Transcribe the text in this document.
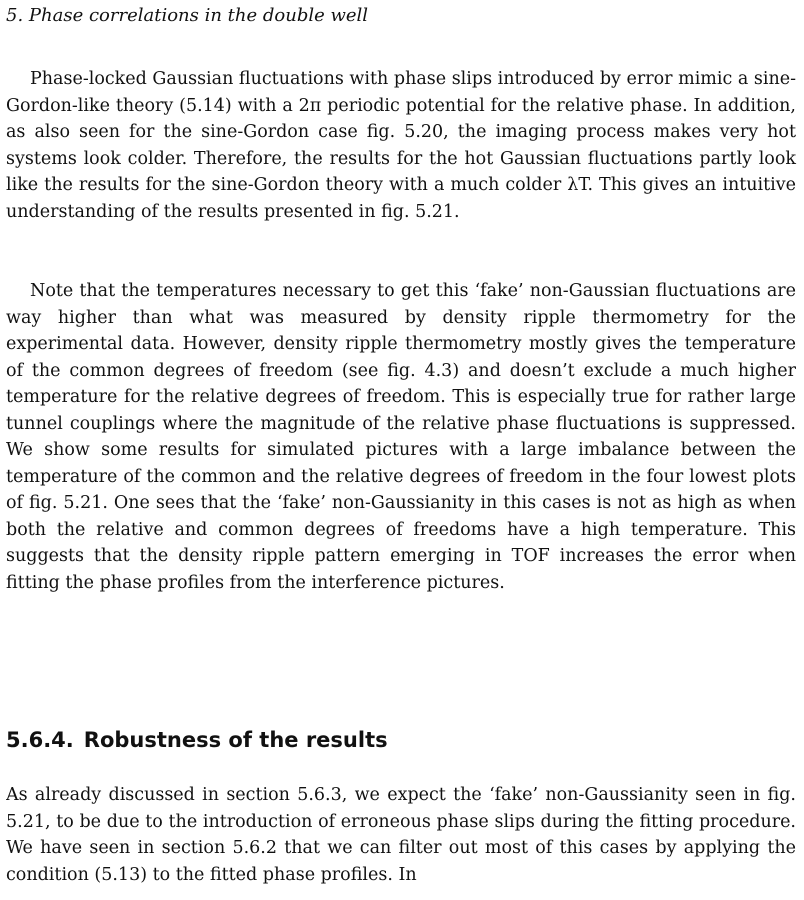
5. Phase correlations in the double well

Phase-locked Gaussian fluctuations with phase slips introduced by error mimic a sine-Gordon-like theory (5.14) with a 2π periodic potential for the relative phase. In addition, as also seen for the sine-Gordon case fig. 5.20, the imaging process makes very hot systems look colder. Therefore, the results for the hot Gaussian fluctuations partly look like the results for the sine-Gordon theory with a much colder λT. This gives an intuitive understanding of the results presented in fig. 5.21.

Note that the temperatures necessary to get this ‘fake’ non-Gaussian fluctuations are way higher than what was measured by density ripple thermometry for the experimental data. However, density ripple thermometry mostly gives the temperature of the common degrees of freedom (see fig. 4.3) and doesn’t exclude a much higher temperature for the relative degrees of freedom. This is especially true for rather large tunnel couplings where the magnitude of the relative phase fluctuations is suppressed. We show some results for simulated pictures with a large imbalance between the temperature of the common and the relative degrees of freedom in the four lowest plots of fig. 5.21. One sees that the ‘fake’ non-Gaussianity in this cases is not as high as when both the relative and common degrees of freedoms have a high temperature. This suggests that the density ripple pattern emerging in TOF increases the error when fitting the phase profiles from the interference pictures.

5.6.4. Robustness of the results

As already discussed in section 5.6.3, we expect the ‘fake’ non-Gaussianity seen in fig. 5.21, to be due to the introduction of erroneous phase slips during the fitting procedure. We have seen in section 5.6.2 that we can filter out most of this cases by applying the condition (5.13) to the fitted phase profiles. In
